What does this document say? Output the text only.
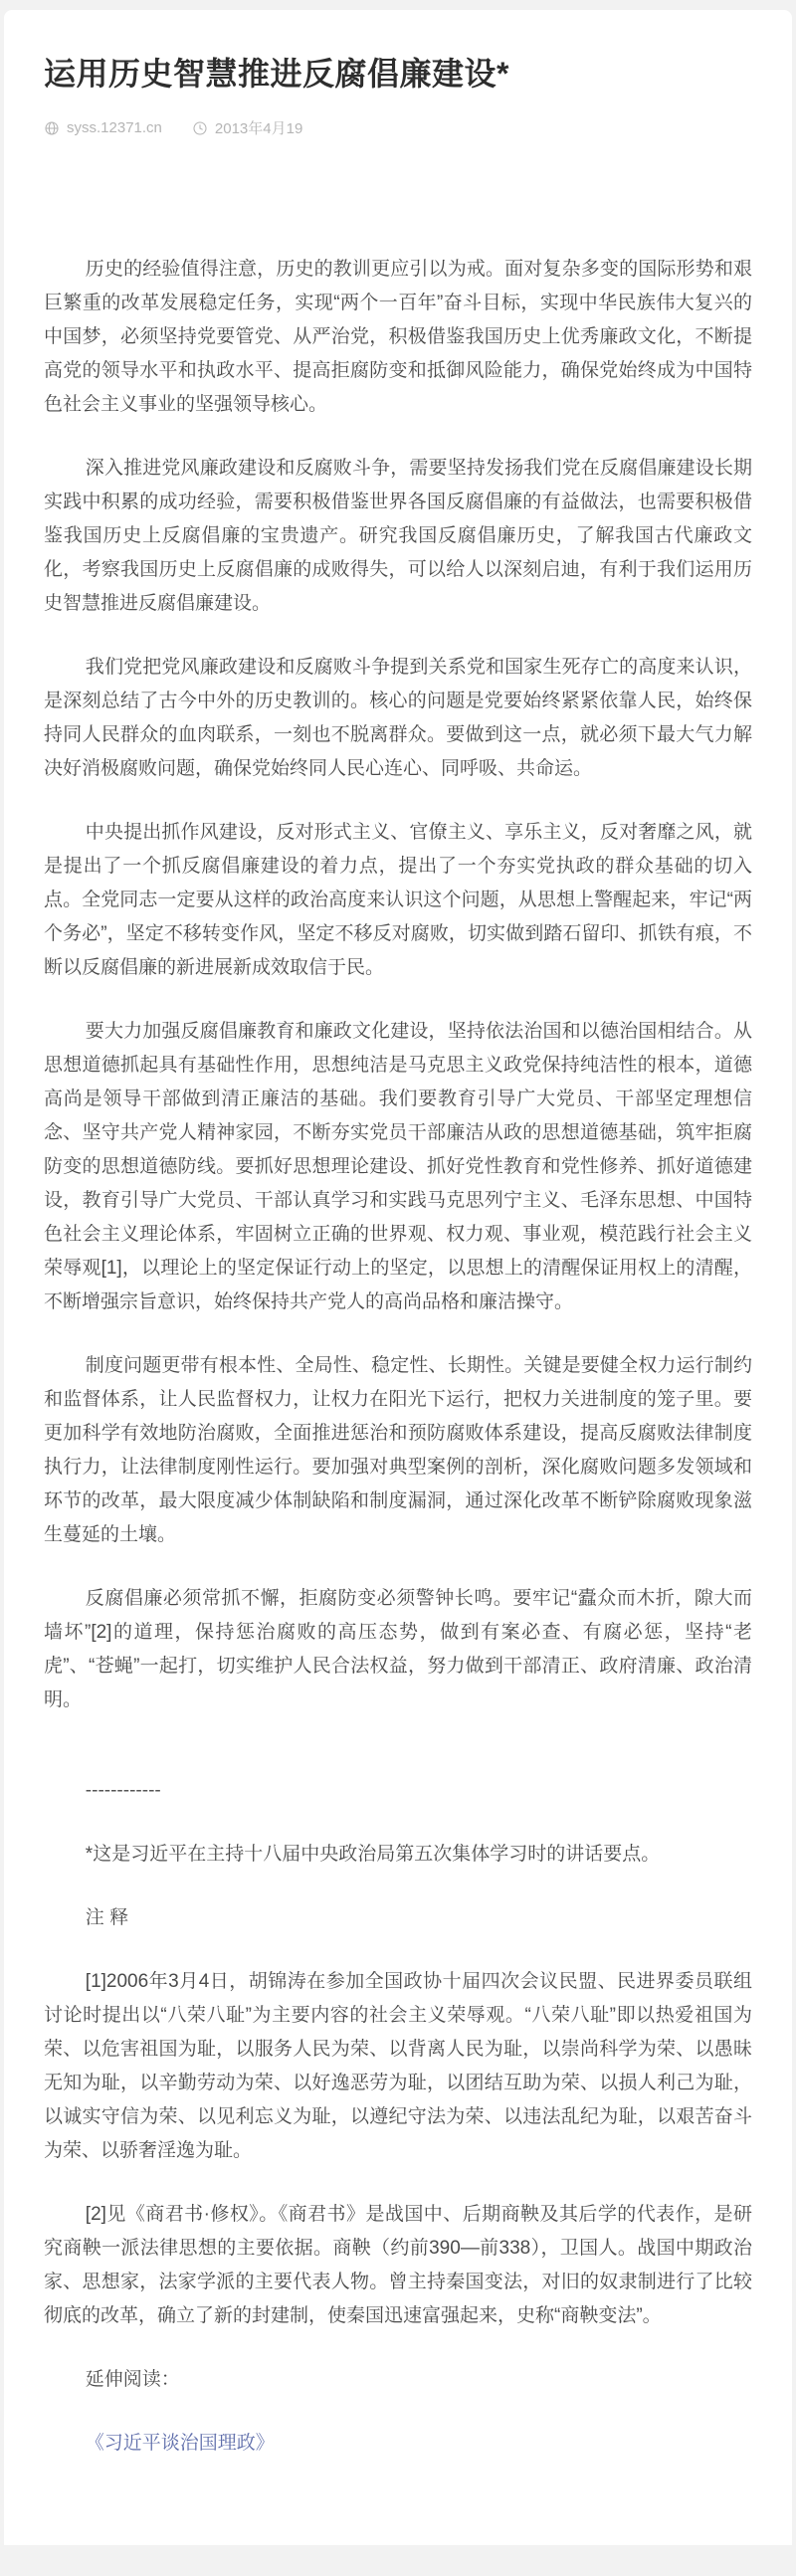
运用历史智慧推进反腐倡廉建设*
syss.12371.cn	2013年4月19

历史的经验值得注意，历史的教训更应引以为戒。面对复杂多变的国际形势和艰巨繁重的改革发展稳定任务，实现“两个一百年”奋斗目标，实现中华民族伟大复兴的中国梦，必须坚持党要管党、从严治党，积极借鉴我国历史上优秀廉政文化，不断提高党的领导水平和执政水平、提高拒腐防变和抵御风险能力，确保党始终成为中国特色社会主义事业的坚强领导核心。

深入推进党风廉政建设和反腐败斗争，需要坚持发扬我们党在反腐倡廉建设长期实践中积累的成功经验，需要积极借鉴世界各国反腐倡廉的有益做法，也需要积极借鉴我国历史上反腐倡廉的宝贵遗产。研究我国反腐倡廉历史，了解我国古代廉政文化，考察我国历史上反腐倡廉的成败得失，可以给人以深刻启迪，有利于我们运用历史智慧推进反腐倡廉建设。

我们党把党风廉政建设和反腐败斗争提到关系党和国家生死存亡的高度来认识，是深刻总结了古今中外的历史教训的。核心的问题是党要始终紧紧依靠人民，始终保持同人民群众的血肉联系，一刻也不脱离群众。要做到这一点，就必须下最大气力解决好消极腐败问题，确保党始终同人民心连心、同呼吸、共命运。

中央提出抓作风建设，反对形式主义、官僚主义、享乐主义，反对奢靡之风，就是提出了一个抓反腐倡廉建设的着力点，提出了一个夯实党执政的群众基础的切入点。全党同志一定要从这样的政治高度来认识这个问题，从思想上警醒起来，牢记“两个务必”，坚定不移转变作风，坚定不移反对腐败，切实做到踏石留印、抓铁有痕，不断以反腐倡廉的新进展新成效取信于民。

要大力加强反腐倡廉教育和廉政文化建设，坚持依法治国和以德治国相结合。从思想道德抓起具有基础性作用，思想纯洁是马克思主义政党保持纯洁性的根本，道德高尚是领导干部做到清正廉洁的基础。我们要教育引导广大党员、干部坚定理想信念、坚守共产党人精神家园，不断夯实党员干部廉洁从政的思想道德基础，筑牢拒腐防变的思想道德防线。要抓好思想理论建设、抓好党性教育和党性修养、抓好道德建设，教育引导广大党员、干部认真学习和实践马克思列宁主义、毛泽东思想、中国特色社会主义理论体系，牢固树立正确的世界观、权力观、事业观，模范践行社会主义荣辱观[1]，以理论上的坚定保证行动上的坚定，以思想上的清醒保证用权上的清醒，不断增强宗旨意识，始终保持共产党人的高尚品格和廉洁操守。

制度问题更带有根本性、全局性、稳定性、长期性。关键是要健全权力运行制约和监督体系，让人民监督权力，让权力在阳光下运行，把权力关进制度的笼子里。要更加科学有效地防治腐败，全面推进惩治和预防腐败体系建设，提高反腐败法律制度执行力，让法律制度刚性运行。要加强对典型案例的剖析，深化腐败问题多发领域和环节的改革，最大限度减少体制缺陷和制度漏洞，通过深化改革不断铲除腐败现象滋生蔓延的土壤。

反腐倡廉必须常抓不懈，拒腐防变必须警钟长鸣。要牢记“蠹众而木折，隙大而墙坏”[2]的道理，保持惩治腐败的高压态势，做到有案必查、有腐必惩，坚持“老虎”、“苍蝇”一起打，切实维护人民合法权益，努力做到干部清正、政府清廉、政治清明。

------------

*这是习近平在主持十八届中央政治局第五次集体学习时的讲话要点。

注 释

[1]2006年3月4日，胡锦涛在参加全国政协十届四次会议民盟、民进界委员联组讨论时提出以“八荣八耻”为主要内容的社会主义荣辱观。“八荣八耻”即以热爱祖国为荣、以危害祖国为耻，以服务人民为荣、以背离人民为耻，以崇尚科学为荣、以愚昧无知为耻，以辛勤劳动为荣、以好逸恶劳为耻，以团结互助为荣、以损人利己为耻，以诚实守信为荣、以见利忘义为耻，以遵纪守法为荣、以违法乱纪为耻，以艰苦奋斗为荣、以骄奢淫逸为耻。

[2]见《商君书·修权》。《商君书》是战国中、后期商鞅及其后学的代表作，是研究商鞅一派法律思想的主要依据。商鞅（约前390—前338），卫国人。战国中期政治家、思想家，法家学派的主要代表人物。曾主持秦国变法，对旧的奴隶制进行了比较彻底的改革，确立了新的封建制，使秦国迅速富强起来，史称“商鞅变法”。

延伸阅读：

《习近平谈治国理政》
